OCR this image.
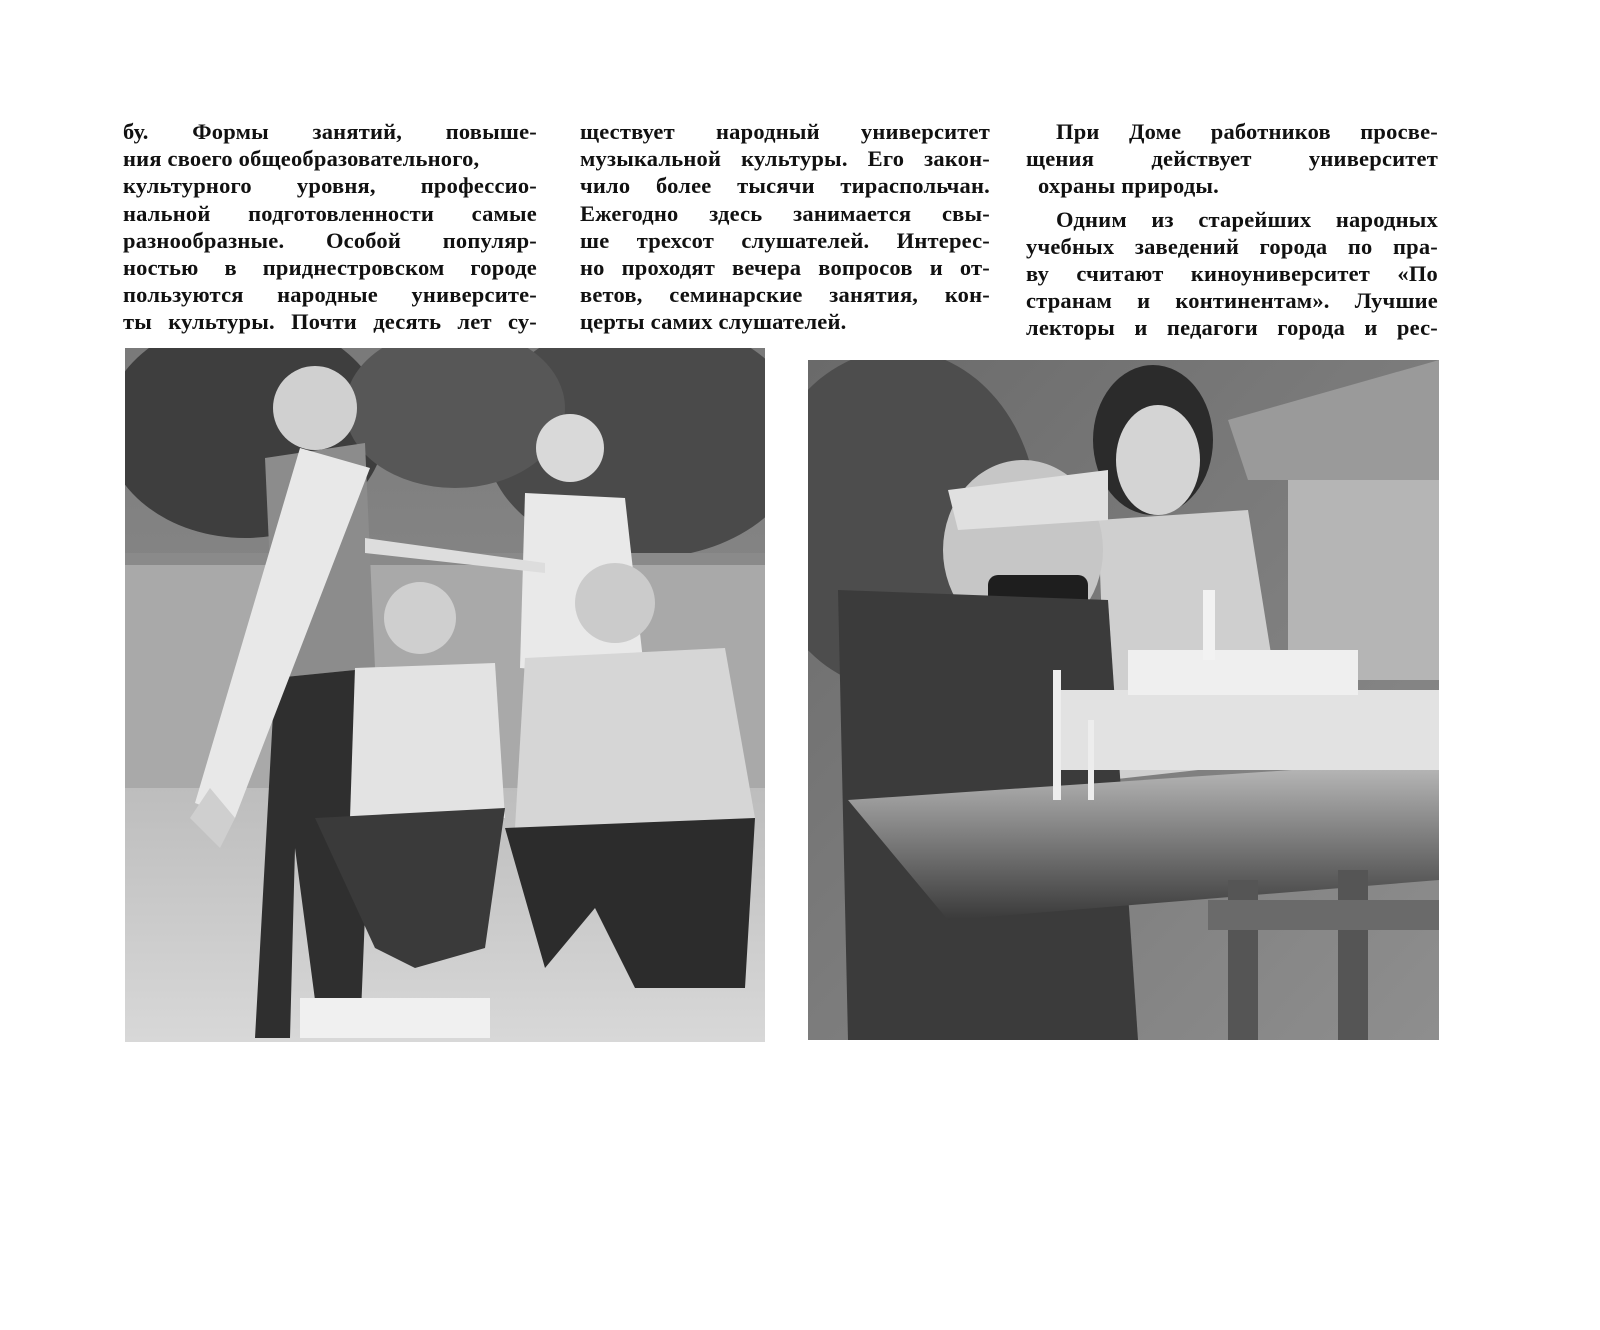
бу. Формы занятий, повыше-
ния своего общеобразовательного,
культурного уровня, профессио-
нальной подготовленности самые
разнообразные. Особой популяр-
ностью в приднестровском городе
пользуются народные университе-
ты культуры. Почти десять лет су-
ществует народный университет
музыкальной культуры. Его закон-
чило более тысячи тираспольчан.
Ежегодно здесь занимается свы-
ше трехсот слушателей. Интерес-
но проходят вечера вопросов и от-
ветов, семинарские занятия, кон-
церты самих слушателей.
При Доме работников просве-
щения действует университет
охраны природы.
Одним из старейших народных
учебных заведений города по пра-
ву считают киноуниверситет «По
странам и континентам». Лучшие
лекторы и педагоги города и рес-
